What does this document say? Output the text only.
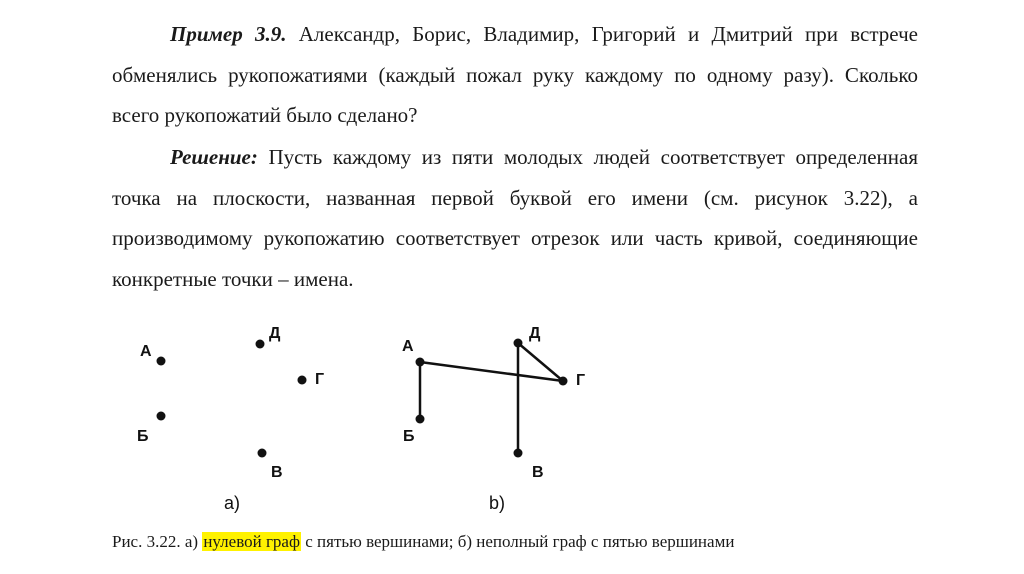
Пример 3.9. Александр, Борис, Владимир, Григорий и Дмитрий при встрече обменялись рукопожатиями (каждый пожал руку каждому по одному разу). Сколько всего рукопожатий было сделано?
Решение: Пусть каждому из пяти молодых людей соответствует определенная точка на плоскости, названная первой буквой его имени (см. рисунок 3.22), а производимому рукопожатию соответствует отрезок или часть кривой, соединяющие конкретные точки – имена.
А
Б
Д
Г
В
а)
А
Б
Д
Г
В
b)
Рис. 3.22. а) нулевой граф с пятью вершинами; б) неполный граф с пятью вершинами
